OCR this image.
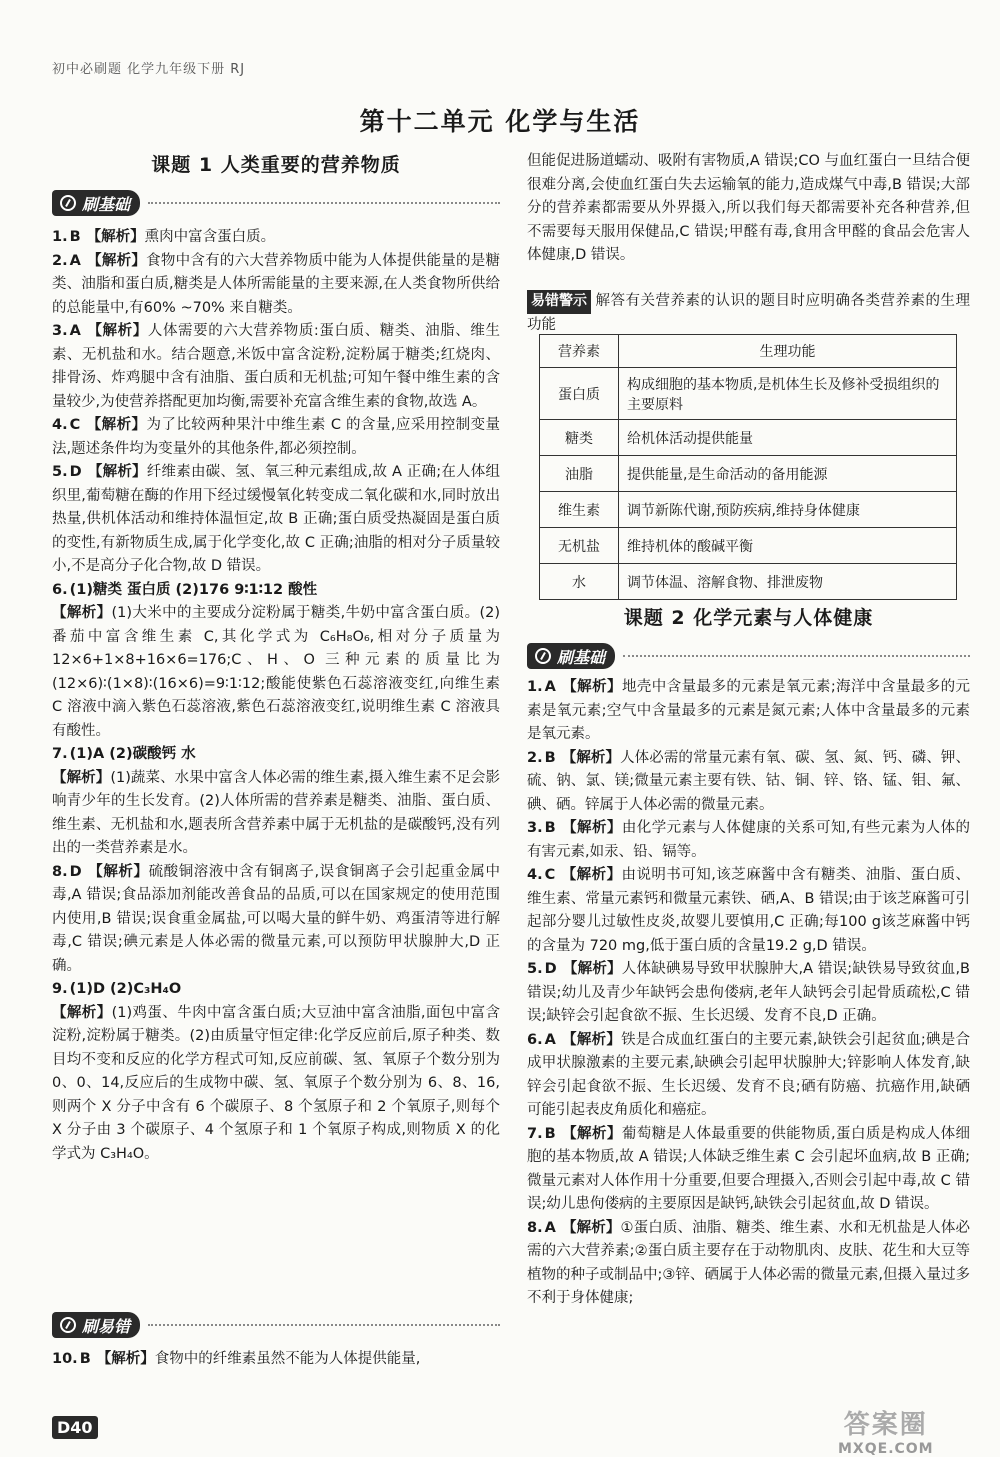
初中必刷题 化学九年级下册 RJ
第十二单元 化学与生活
课题 1 人类重要的营养物质
刷基础
1. B 【解析】熏肉中富含蛋白质。
2. A 【解析】食物中含有的六大营养物质中能为人体提供能量的是糖类、油脂和蛋白质,糖类是人体所需能量的主要来源,在人类食物所供给的总能量中,有60% ~70% 来自糖类。
3. A 【解析】人体需要的六大营养物质:蛋白质、糖类、油脂、维生素、无机盐和水。结合题意,米饭中富含淀粉,淀粉属于糖类;红烧肉、排骨汤、炸鸡腿中含有油脂、蛋白质和无机盐;可知午餐中维生素的含量较少,为使营养搭配更加均衡,需要补充富含维生素的食物,故选 A。
4. C 【解析】为了比较两种果汁中维生素 C 的含量,应采用控制变量法,题述条件均为变量外的其他条件,都必须控制。
5. D 【解析】纤维素由碳、氢、氧三种元素组成,故 A 正确;在人体组织里,葡萄糖在酶的作用下经过缓慢氧化转变成二氧化碳和水,同时放出热量,供机体活动和维持体温恒定,故 B 正确;蛋白质受热凝固是蛋白质的变性,有新物质生成,属于化学变化,故 C 正确;油脂的相对分子质量较小,不是高分子化合物,故 D 错误。
6. (1)糖类 蛋白质 (2)176 9∶1∶12 酸性
【解析】(1)大米中的主要成分淀粉属于糖类,牛奶中富含蛋白质。(2)番茄中富含维生素 C,其化学式为 C₆H₈O₆,相对分子质量为 12×6+1×8+16×6=176;C、H、O 三种元素的质量比为(12×6)∶(1×8)∶(16×6)=9∶1∶12;酸能使紫色石蕊溶液变红,向维生素 C 溶液中滴入紫色石蕊溶液,紫色石蕊溶液变红,说明维生素 C 溶液具有酸性。
7. (1)A (2)碳酸钙 水
【解析】(1)蔬菜、水果中富含人体必需的维生素,摄入维生素不足会影响青少年的生长发育。(2)人体所需的营养素是糖类、油脂、蛋白质、维生素、无机盐和水,题表所含营养素中属于无机盐的是碳酸钙,没有列出的一类营养素是水。
8. D 【解析】硫酸铜溶液中含有铜离子,误食铜离子会引起重金属中毒,A 错误;食品添加剂能改善食品的品质,可以在国家规定的使用范围内使用,B 错误;误食重金属盐,可以喝大量的鲜牛奶、鸡蛋清等进行解毒,C 错误;碘元素是人体必需的微量元素,可以预防甲状腺肿大,D 正确。
9. (1)D (2)C₃H₄O
【解析】(1)鸡蛋、牛肉中富含蛋白质;大豆油中富含油脂,面包中富含淀粉,淀粉属于糖类。(2)由质量守恒定律:化学反应前后,原子种类、数目均不变和反应的化学方程式可知,反应前碳、氢、氧原子个数分别为 0、0、14,反应后的生成物中碳、氢、氧原子个数分别为 6、8、16,则两个 X 分子中含有 6 个碳原子、8 个氢原子和 2 个氧原子,则每个 X 分子由 3 个碳原子、4 个氢原子和 1 个氧原子构成,则物质 X 的化学式为 C₃H₄O。
刷易错
10. B 【解析】食物中的纤维素虽然不能为人体提供能量,
但能促进肠道蠕动、吸附有害物质,A 错误;CO 与血红蛋白一旦结合便很难分离,会使血红蛋白失去运输氧的能力,造成煤气中毒,B 错误;大部分的营养素都需要从外界摄入,所以我们每天都需要补充各种营养,但不需要每天服用保健品,C 错误;甲醛有毒,食用含甲醛的食品会危害人体健康,D 错误。
易错警示 解答有关营养素的认识的题目时应明确各类营养素的生理功能
营养素	生理功能
蛋白质	构成细胞的基本物质,是机体生长及修补受损组织的主要原料
糖类	给机体活动提供能量
油脂	提供能量,是生命活动的备用能源
维生素	调节新陈代谢,预防疾病,维持身体健康
无机盐	维持机体的酸碱平衡
水	调节体温、溶解食物、排泄废物
课题 2 化学元素与人体健康
刷基础
1. A 【解析】地壳中含量最多的元素是氧元素;海洋中含量最多的元素是氧元素;空气中含量最多的元素是氮元素;人体中含量最多的元素是氧元素。
2. B 【解析】人体必需的常量元素有氧、碳、氢、氮、钙、磷、钾、硫、钠、氯、镁;微量元素主要有铁、钴、铜、锌、铬、锰、钼、氟、碘、硒。锌属于人体必需的微量元素。
3. B 【解析】由化学元素与人体健康的关系可知,有些元素为人体的有害元素,如汞、铅、镉等。
4. C 【解析】由说明书可知,该芝麻酱中含有糖类、油脂、蛋白质、维生素、常量元素钙和微量元素铁、硒,A、B 错误;由于该芝麻酱可引起部分婴儿过敏性皮炎,故婴儿要慎用,C 正确;每100 g该芝麻酱中钙的含量为 720 mg,低于蛋白质的含量19.2 g,D 错误。
5. D 【解析】人体缺碘易导致甲状腺肿大,A 错误;缺铁易导致贫血,B 错误;幼儿及青少年缺钙会患佝偻病,老年人缺钙会引起骨质疏松,C 错误;缺锌会引起食欲不振、生长迟缓、发育不良,D 正确。
6. A 【解析】铁是合成血红蛋白的主要元素,缺铁会引起贫血;碘是合成甲状腺激素的主要元素,缺碘会引起甲状腺肿大;锌影响人体发育,缺锌会引起食欲不振、生长迟缓、发育不良;硒有防癌、抗癌作用,缺硒可能引起表皮角质化和癌症。
7. B 【解析】葡萄糖是人体最重要的供能物质,蛋白质是构成人体细胞的基本物质,故 A 错误;人体缺乏维生素 C 会引起坏血病,故 B 正确;微量元素对人体作用十分重要,但要合理摄入,否则会引起中毒,故 C 错误;幼儿患佝偻病的主要原因是缺钙,缺铁会引起贫血,故 D 错误。
8. A 【解析】①蛋白质、油脂、糖类、维生素、水和无机盐是人体必需的六大营养素;②蛋白质主要存在于动物肌肉、皮肤、花生和大豆等植物的种子或制品中;③锌、硒属于人体必需的微量元素,但摄入量过多不利于身体健康;
D40	答案圈
MXQE.COM
